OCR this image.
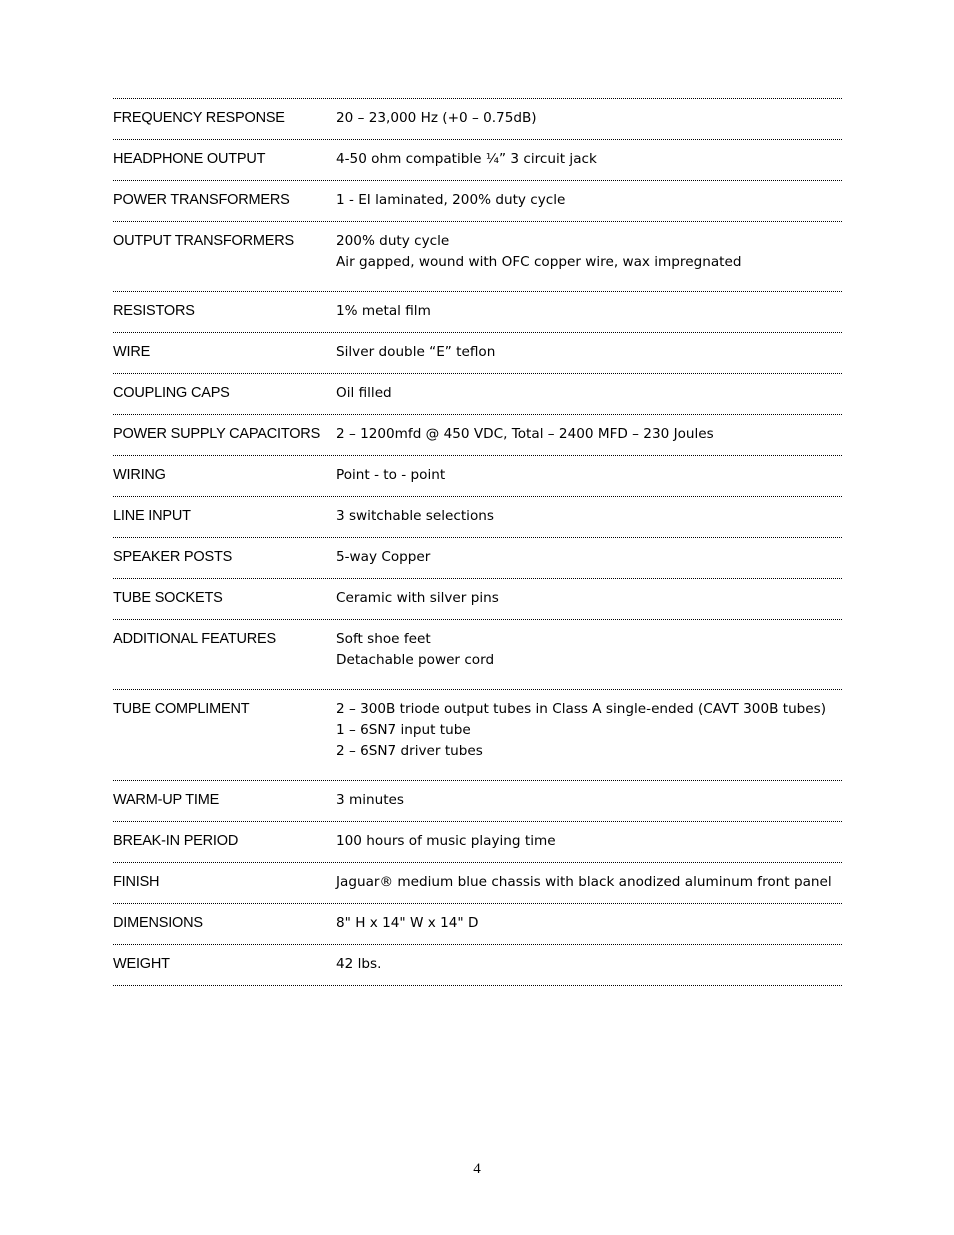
FREQUENCY RESPONSE	20 – 23,000 Hz (+0 – 0.75dB)
HEADPHONE OUTPUT	4-50 ohm compatible ¼” 3 circuit jack
POWER TRANSFORMERS	1 - EI laminated, 200% duty cycle
OUTPUT TRANSFORMERS	200% duty cycle
Air gapped, wound with OFC copper wire, wax impregnated
RESISTORS	1% metal film
WIRE	Silver double “E” teflon
COUPLING CAPS	Oil filled
POWER SUPPLY CAPACITORS	2 – 1200mfd @ 450 VDC, Total – 2400 MFD – 230 Joules
WIRING	Point - to - point
LINE INPUT	3 switchable selections
SPEAKER POSTS	5-way Copper
TUBE SOCKETS	Ceramic with silver pins
ADDITIONAL FEATURES	Soft shoe feet
Detachable power cord
TUBE COMPLIMENT	2 – 300B triode output tubes in Class A single-ended (CAVT 300B tubes)
1 – 6SN7 input tube
2 – 6SN7 driver tubes
WARM-UP TIME	3 minutes
BREAK-IN PERIOD	100 hours of music playing time
FINISH	Jaguar® medium blue chassis with black anodized aluminum front panel
DIMENSIONS	8" H x 14" W x 14" D
WEIGHT	42 lbs.
4
